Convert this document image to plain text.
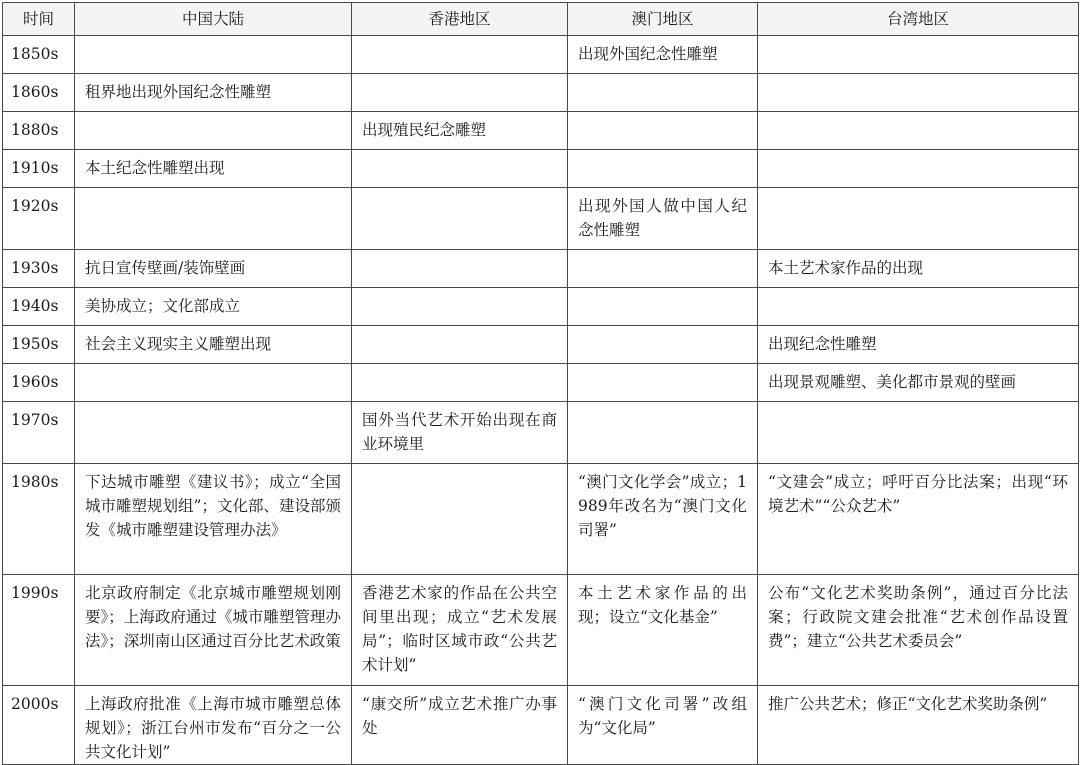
时间	中国大陆	香港地区	澳门地区	台湾地区
1850s			出现外国纪念性雕塑	
1860s	租界地出现外国纪念性雕塑			
1880s		出现殖民纪念雕塑		
1910s	本土纪念性雕塑出现			
1920s			出现外国人做中国人纪念性雕塑	
1930s	抗日宣传壁画/装饰壁画			本土艺术家作品的出现
1940s	美协成立；文化部成立			
1950s	社会主义现实主义雕塑出现			出现纪念性雕塑
1960s				出现景观雕塑、美化都市景观的壁画
1970s		国外当代艺术开始出现在商业环境里		
1980s	下达城市雕塑《建议书》；成立“全国城市雕塑规划组”；文化部、建设部颁发《城市雕塑建设管理办法》		“澳门文化学会”成立；1989年改名为“澳门文化司署”	“文建会”成立；呼吁百分比法案；出现“环境艺术”“公众艺术”
1990s	北京政府制定《北京城市雕塑规划刚要》；上海政府通过《城市雕塑管理办法》；深圳南山区通过百分比艺术政策	香港艺术家的作品在公共空间里出现；成立“艺术发展局”；临时区域市政“公共艺术计划”	本土艺术家作品的出现；设立“文化基金”	公布“文化艺术奖助条例”，通过百分比法案；行政院文建会批准“艺术创作品设置费”；建立“公共艺术委员会”
2000s	上海政府批准《上海市城市雕塑总体规划》；浙江台州市发布“百分之一公共文化计划”	“康交所”成立艺术推广办事处	“澳门文化司署”改组为“文化局”	推广公共艺术；修正“文化艺术奖助条例”
